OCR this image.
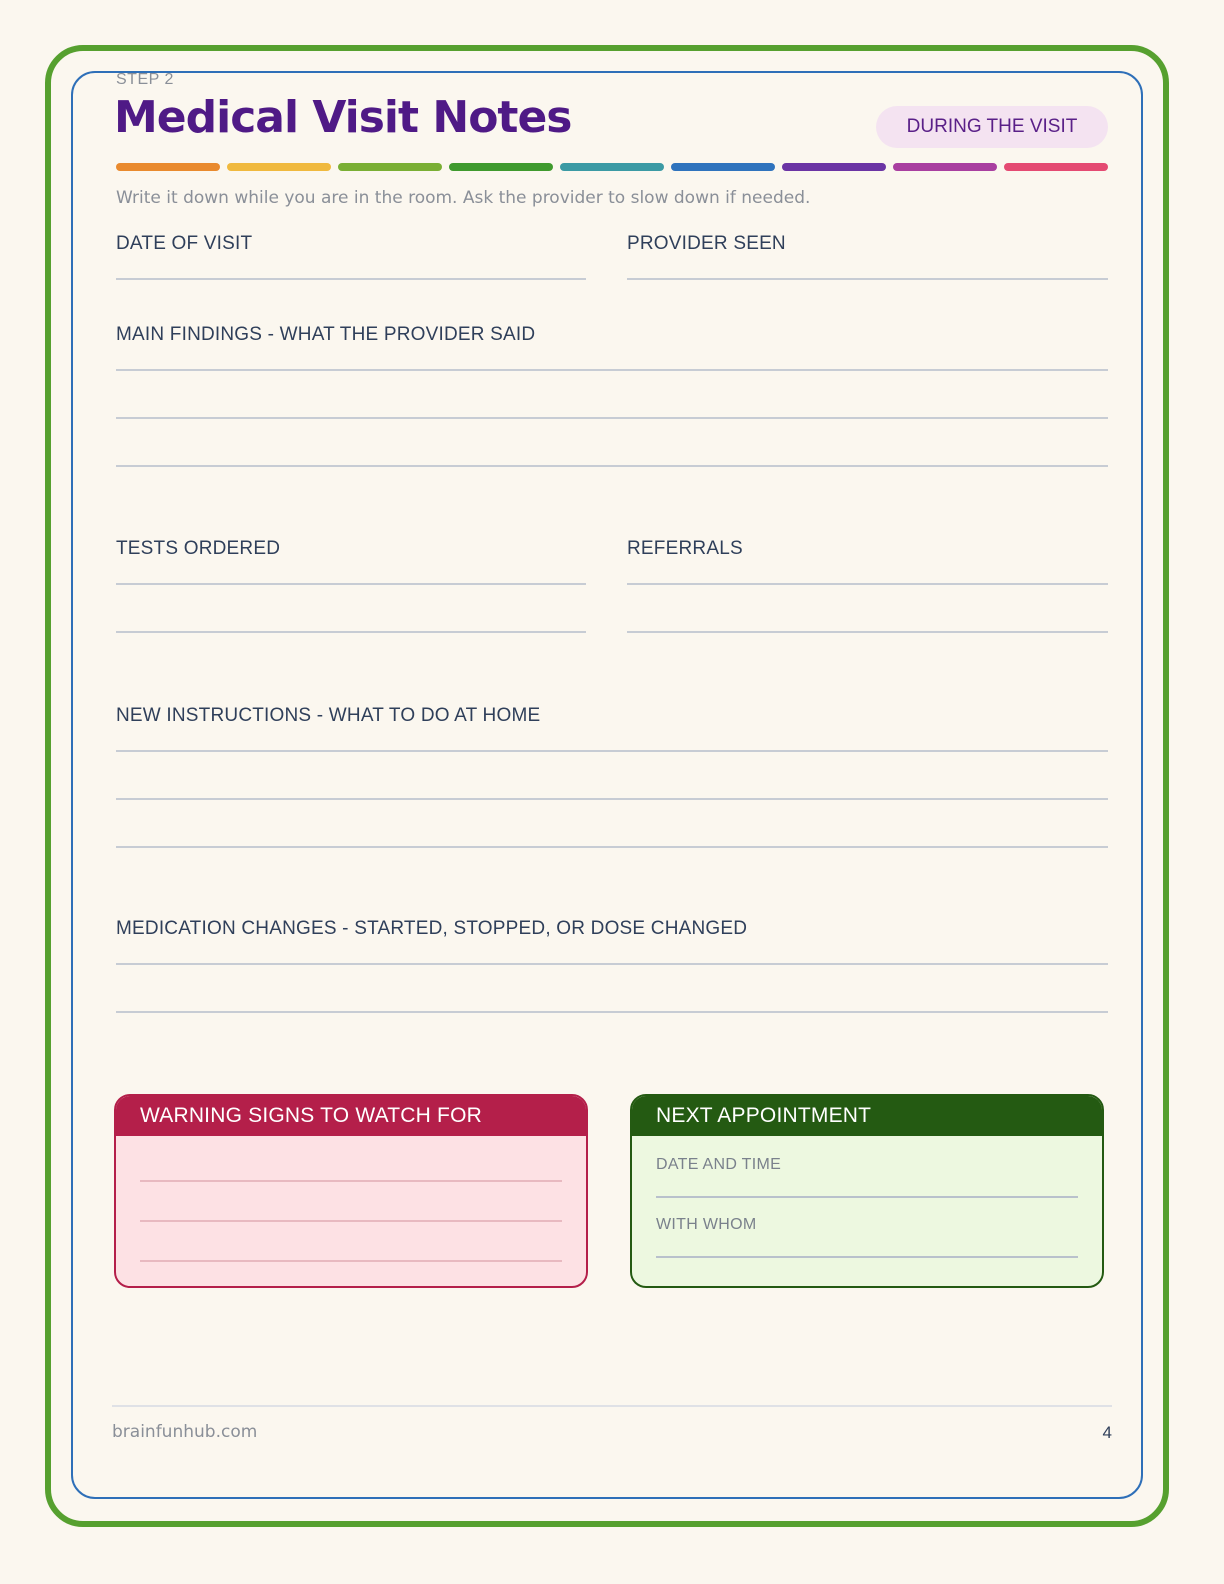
STEP 2
Medical Visit Notes	DURING THE VISIT
Write it down while you are in the room. Ask the provider to slow down if needed.
DATE OF VISIT	PROVIDER SEEN
MAIN FINDINGS - WHAT THE PROVIDER SAID
TESTS ORDERED	REFERRALS
NEW INSTRUCTIONS - WHAT TO DO AT HOME
MEDICATION CHANGES - STARTED, STOPPED, OR DOSE CHANGED
WARNING SIGNS TO WATCH FOR	NEXT APPOINTMENT
DATE AND TIME
WITH WHOM
brainfunhub.com	4
